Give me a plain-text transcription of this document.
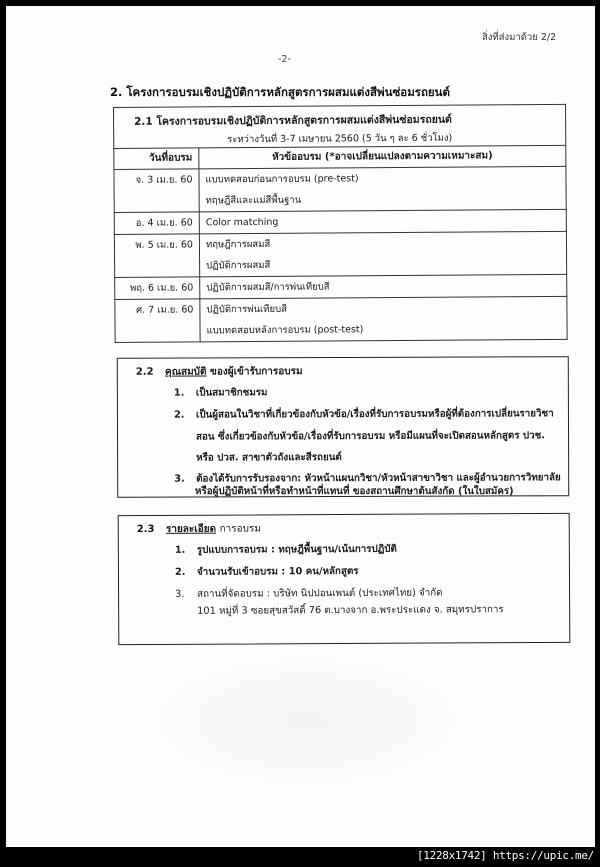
สิ่งที่ส่งมาด้วย 2/2
-2-
2. โครงการอบรมเชิงปฏิบัติการหลักสูตรการผสมแต่งสีพ่นซ่อมรถยนต์
2.1 โครงการอบรมเชิงปฏิบัติการหลักสูตรการผสมแต่งสีพ่นซ่อมรถยนต์	
ระหว่างวันที่ 3-7 เมษายน 2560 (5 วัน ๆ ละ 6 ชั่วโมง)	
วันที่อบรม	หัวข้ออบรม (*อาจเปลี่ยนแปลงตามความเหมาะสม)
จ. 3 เม.ย. 60	แบบทดสอบก่อนการอบรม (pre-test)
ทฤษฎีสีและแม่สีพื้นฐาน

อ. 4 เม.ย. 60	Color matching

พ. 5 เม.ย. 60	ทฤษฎีการผสมสี
ปฏิบัติการผสมสี

พฤ. 6 เม.ย. 60	ปฏิบัติการผสมสี/การพ่นเทียบสี

ศ. 7 เม.ย. 60	ปฏิบัติการพ่นเทียบสี
แบบทดสอบหลังการอบรม (post-test)
2.2 คุณสมบัติ ของผู้เข้ารับการอบรม
1. เป็นสมาชิกชมรม
2. เป็นผู้สอนในวิชาที่เกี่ยวข้องกับหัวข้อ/เรื่องที่รับการอบรมหรือผู้ที่ต้องการเปลี่ยนรายวิชา
สอน ซึ่งเกี่ยวข้องกับหัวข้อ/เรื่องที่รับการอบรม หรือมีแผนที่จะเปิดสอนหลักสูตร ปวช.
หรือ ปวส. สาขาตัวถังและสีรถยนต์
3. ต้องได้รับการรับรองจาก: หัวหน้าแผนกวิชา/หัวหน้าสาขาวิชา และผู้อำนวยการวิทยาลัย
หรือผู้ปฏิบัติหน้าที่หรือทำหน้าที่แทนที่ ของสถานศึกษาต้นสังกัด (ในใบสมัคร)
2.3 รายละเอียด การอบรม
1. รูปแบบการอบรม : ทฤษฎีพื้นฐาน/เน้นการปฏิบัติ
2. จำนวนรับเข้าอบรม : 10 คน/หลักสูตร
3. สถานที่จัดอบรม : บริษัท นิปปอนเพนต์ (ประเทศไทย) จำกัด
101 หมู่ที่ 3 ซอยสุขสวัสดิ์ 76 ต.บางจาก อ.พระประแดง จ. สมุทรปราการ
[1228x1742] https://upic.me/
